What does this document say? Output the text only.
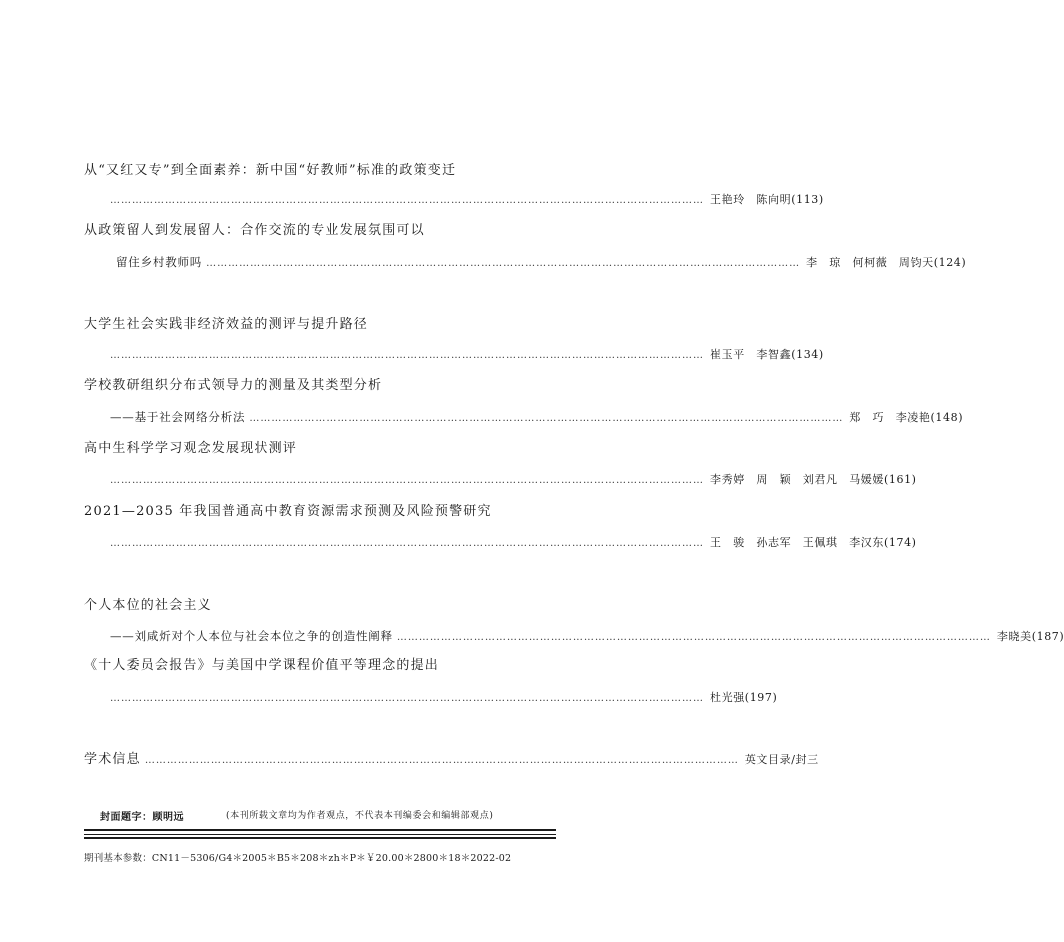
从“又红又专”到全面素养：新中国“好教师”标准的政策变迁
……………………………………………………………………………………………………………………………………………… 王艳玲　陈向明(113)
从政策留人到发展留人：合作交流的专业发展氛围可以
留住乡村教师吗 ……………………………………………………………………………………………………………………………………………… 李　琼　何柯薇　周钧天(124)
大学生社会实践非经济效益的测评与提升路径
……………………………………………………………………………………………………………………………………………… 崔玉平　李智鑫(134)
学校教研组织分布式领导力的测量及其类型分析
——基于社会网络分析法 ……………………………………………………………………………………………………………………………………………… 郑　巧　李凌艳(148)
高中生科学学习观念发展现状测评
……………………………………………………………………………………………………………………………………………… 李秀婷　周　颖　刘君凡　马媛媛(161)
2021—2035 年我国普通高中教育资源需求预测及风险预警研究
……………………………………………………………………………………………………………………………………………… 王　骏　孙志军　王佩琪　李汉东(174)
个人本位的社会主义
——刘咸炘对个人本位与社会本位之争的创造性阐释 ……………………………………………………………………………………………………………………………………………… 李晓美(187)
《十人委员会报告》与美国中学课程价值平等理念的提出
……………………………………………………………………………………………………………………………………………… 杜光强(197)
学术信息 ……………………………………………………………………………………………………………………………………………… 英文目录/封三
封面题字：顾明远	(本刊所载文章均为作者观点，不代表本刊编委会和编辑部观点)
期刊基本参数：CN11－5306/G4＊2005＊B5＊208＊zh＊P＊￥20.00＊2800＊18＊2022-02
